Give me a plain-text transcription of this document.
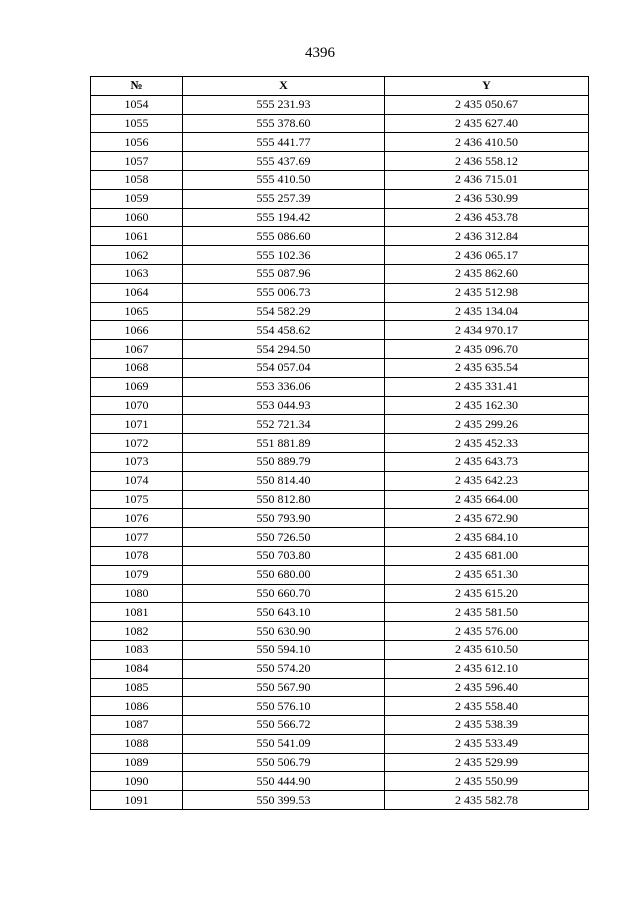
4396
№	X	Y
1054	555 231.93	2 435 050.67
1055	555 378.60	2 435 627.40
1056	555 441.77	2 436 410.50
1057	555 437.69	2 436 558.12
1058	555 410.50	2 436 715.01
1059	555 257.39	2 436 530.99
1060	555 194.42	2 436 453.78
1061	555 086.60	2 436 312.84
1062	555 102.36	2 436 065.17
1063	555 087.96	2 435 862.60
1064	555 006.73	2 435 512.98
1065	554 582.29	2 435 134.04
1066	554 458.62	2 434 970.17
1067	554 294.50	2 435 096.70
1068	554 057.04	2 435 635.54
1069	553 336.06	2 435 331.41
1070	553 044.93	2 435 162.30
1071	552 721.34	2 435 299.26
1072	551 881.89	2 435 452.33
1073	550 889.79	2 435 643.73
1074	550 814.40	2 435 642.23
1075	550 812.80	2 435 664.00
1076	550 793.90	2 435 672.90
1077	550 726.50	2 435 684.10
1078	550 703.80	2 435 681.00
1079	550 680.00	2 435 651.30
1080	550 660.70	2 435 615.20
1081	550 643.10	2 435 581.50
1082	550 630.90	2 435 576.00
1083	550 594.10	2 435 610.50
1084	550 574.20	2 435 612.10
1085	550 567.90	2 435 596.40
1086	550 576.10	2 435 558.40
1087	550 566.72	2 435 538.39
1088	550 541.09	2 435 533.49
1089	550 506.79	2 435 529.99
1090	550 444.90	2 435 550.99
1091	550 399.53	2 435 582.78
